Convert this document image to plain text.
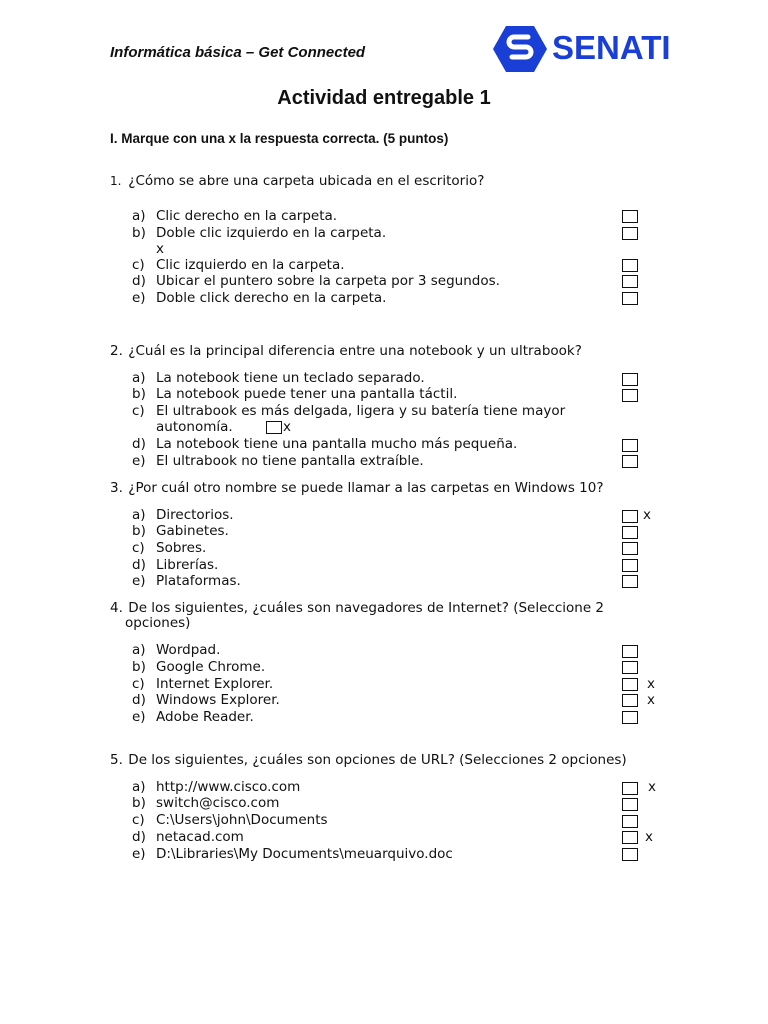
Informática básica – Get Connected	SENATI
Actividad entregable 1
I. Marque con una x la respuesta correcta. (5 puntos)
1. ¿Cómo se abre una carpeta ubicada en el escritorio?
a) Clic derecho en la carpeta.
b) Doble clic izquierdo en la carpeta.
x
c) Clic izquierdo en la carpeta.
d) Ubicar el puntero sobre la carpeta por 3 segundos.
e) Doble click derecho en la carpeta.
2. ¿Cuál es la principal diferencia entre una notebook y un ultrabook?
a) La notebook tiene un teclado separado.
b) La notebook puede tener una pantalla táctil.
c) El ultrabook es más delgada, ligera y su batería tiene mayor
autonomía.	x
d) La notebook tiene una pantalla mucho más pequeña.
e) El ultrabook no tiene pantalla extraíble.
3. ¿Por cuál otro nombre se puede llamar a las carpetas en Windows 10?
a) Directorios.	x
b) Gabinetes.
c) Sobres.
d) Librerías.
e) Plataformas.
4. De los siguientes, ¿cuáles son navegadores de Internet? (Seleccione 2
opciones)
a) Wordpad.
b) Google Chrome.
c) Internet Explorer.	x
d) Windows Explorer.	x
e) Adobe Reader.
5. De los siguientes, ¿cuáles son opciones de URL? (Selecciones 2 opciones)
a) http://www.cisco.com	x
b) switch@cisco.com
c) C:\Users\john\Documents
d) netacad.com	x
e) D:\Libraries\My Documents\meuarquivo.doc
